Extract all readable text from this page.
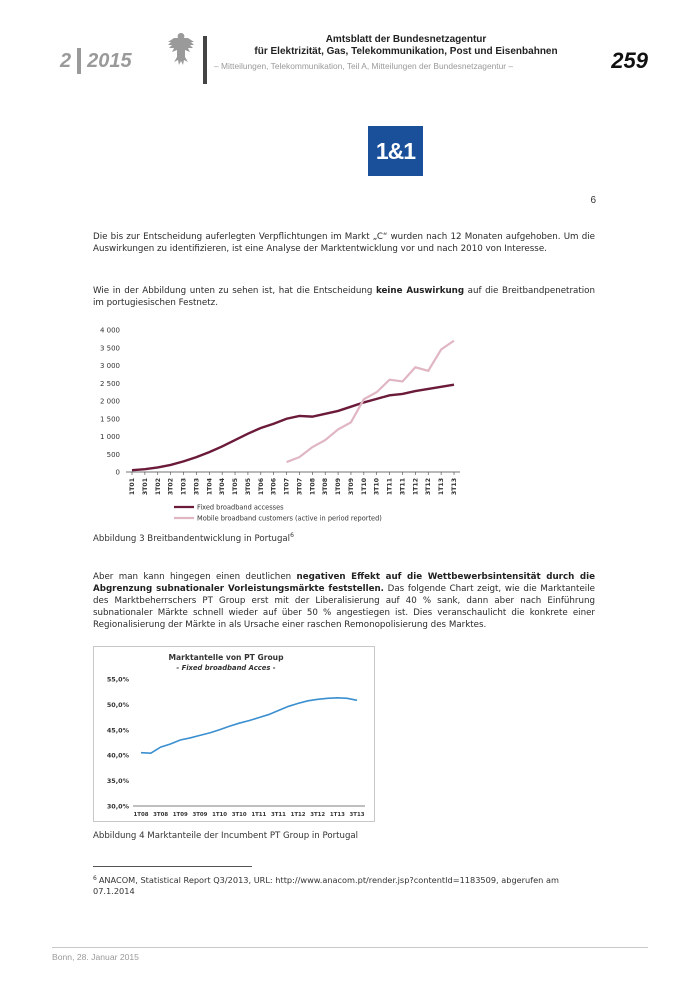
2 2015
Amtsblatt der Bundesnetzagentur
für Elektrizität, Gas, Telekommunikation, Post und Eisenbahnen
– Mitteilungen, Telekommunikation, Teil A, Mitteilungen der Bundesnetzagentur –	259
1&1
6

Die bis zur Entscheidung auferlegten Verpflichtungen im Markt „C“ wurden nach 12 Monaten aufgehoben. Um die Auswirkungen zu identifizieren, ist eine Analyse der Marktentwicklung vor und nach 2010 von Interesse.

Wie in der Abbildung unten zu sehen ist, hat die Entscheidung keine Auswirkung auf die Breitbandpenetration im portugiesischen Festnetz.

4 000
3 500
3 000
2 500
2 000
1 500
1 000
500
0
1T01 3T01 1T02 3T02 1T03 3T03 1T04 3T04 1T05 3T05 1T06 3T06 1T07 3T07 1T08 3T08 1T09 3T09 1T10 3T10 1T11 3T11 1T12 3T12 1T13 3T13
Fixed broadband accesses
Mobile broadband customers (active in period reported)
Abbildung 3 Breitbandentwicklung in Portugal$^6$

Aber man kann hingegen einen deutlichen negativen Effekt auf die Wettbewerbsintensität durch die Abgrenzung subnationaler Vorleistungsmärkte feststellen. Das folgende Chart zeigt, wie die Marktanteile des Marktbeherrschers PT Group erst mit der Liberalisierung auf 40 % sank, dann aber nach Einführung subnationaler Märkte schnell wieder auf über 50 % angestiegen ist. Dies veranschaulicht die konkrete einer Regionalisierung der Märkte in als Ursache einer raschen Remonopolisierung des Marktes.

Marktantelle von PT Group
- Fixed broadband Acces -
55,0%
50,0%
45,0%
40,0%
35,0%
30,0%
1T08 3T08 1T09 3T09 1T10 3T10 1T11 3T11 1T12 3T12 1T13 3T13
Abbildung 4 Marktanteile der Incumbent PT Group in Portugal
$^6$ ANACOM, Statistical Report Q3/2013, URL: http://www.anacom.pt/render.jsp?contentId=1183509, abgerufen am 07.1.2014
Bonn, 28. Januar 2015
